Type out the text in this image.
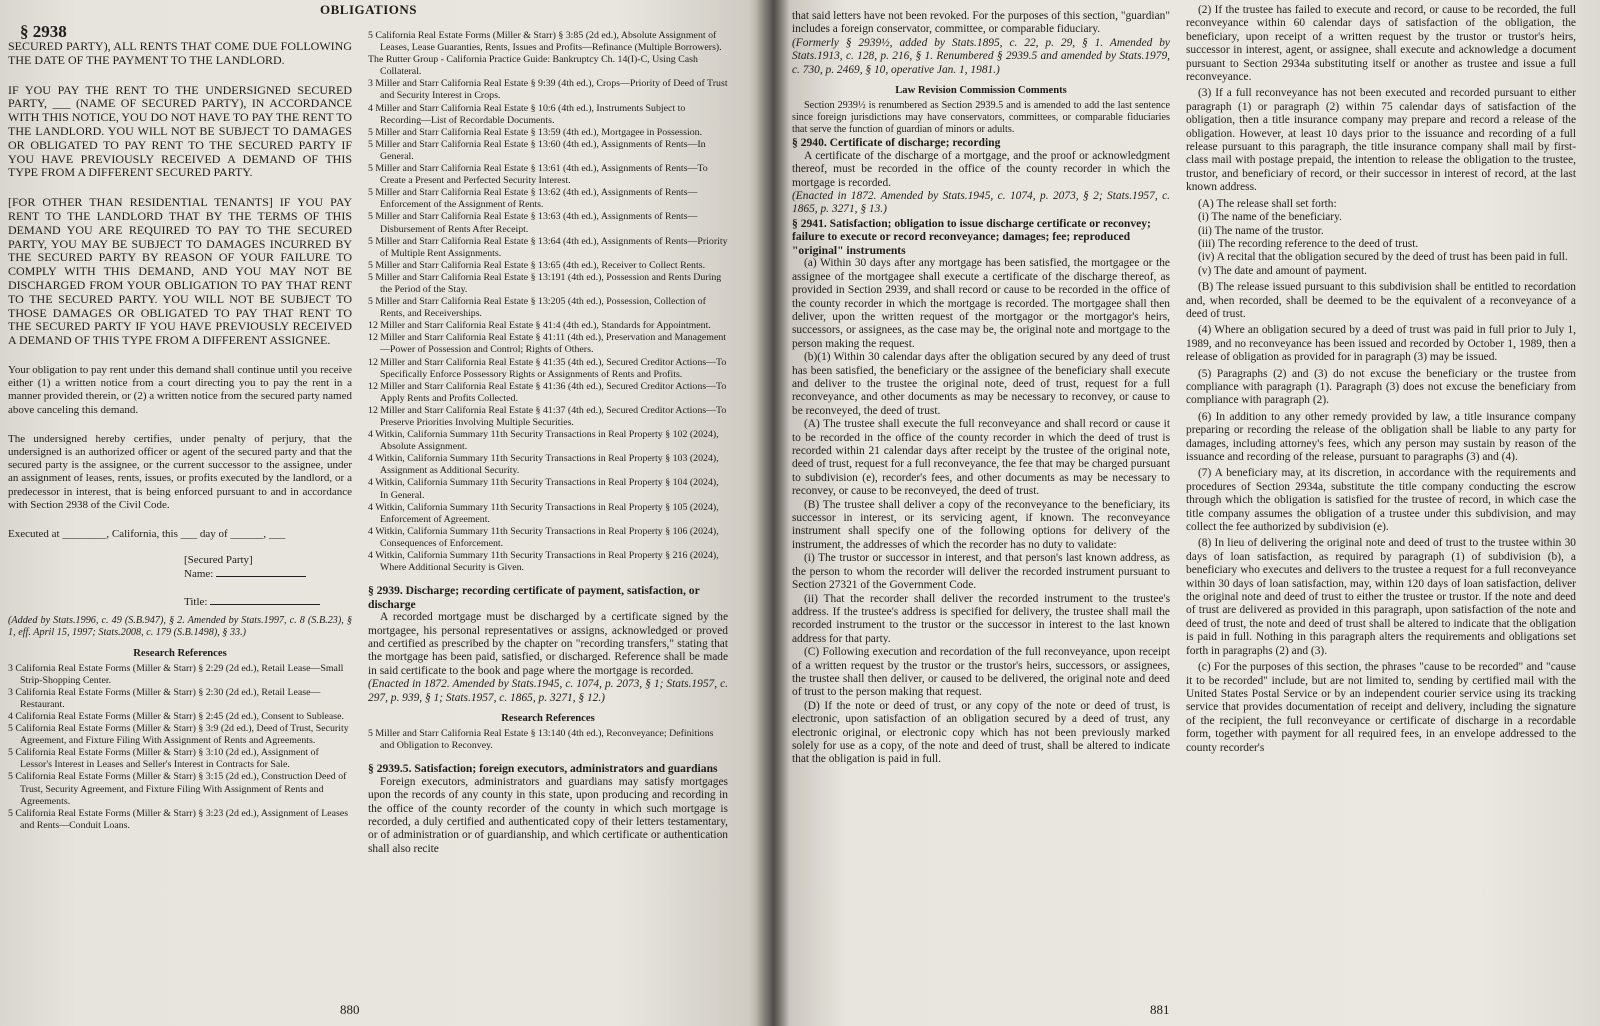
OBLIGATIONS
§ 2938

SECURED PARTY), ALL RENTS THAT COME DUE FOLLOWING THE DATE OF THE PAYMENT TO THE LANDLORD.

IF YOU PAY THE RENT TO THE UNDERSIGNED SECURED PARTY, ___ (NAME OF SECURED PARTY), IN ACCORDANCE WITH THIS NOTICE, YOU DO NOT HAVE TO PAY THE RENT TO THE LANDLORD. YOU WILL NOT BE SUBJECT TO DAMAGES OR OBLIGATED TO PAY RENT TO THE SECURED PARTY IF YOU HAVE PREVIOUSLY RECEIVED A DEMAND OF THIS TYPE FROM A DIFFERENT SECURED PARTY.

[FOR OTHER THAN RESIDENTIAL TENANTS] IF YOU PAY RENT TO THE LANDLORD THAT BY THE TERMS OF THIS DEMAND YOU ARE REQUIRED TO PAY TO THE SECURED PARTY, YOU MAY BE SUBJECT TO DAMAGES INCURRED BY THE SECURED PARTY BY REASON OF YOUR FAILURE TO COMPLY WITH THIS DEMAND, AND YOU MAY NOT BE DISCHARGED FROM YOUR OBLIGATION TO PAY THAT RENT TO THE SECURED PARTY. YOU WILL NOT BE SUBJECT TO THOSE DAMAGES OR OBLIGATED TO PAY THAT RENT TO THE SECURED PARTY IF YOU HAVE PREVIOUSLY RECEIVED A DEMAND OF THIS TYPE FROM A DIFFERENT ASSIGNEE.

Your obligation to pay rent under this demand shall continue until you receive either (1) a written notice from a court directing you to pay the rent in a manner provided therein, or (2) a written notice from the secured party named above canceling this demand.

The undersigned hereby certifies, under penalty of perjury, that the undersigned is an authorized officer or agent of the secured party and that the secured party is the assignee, or the current successor to the assignee, under an assignment of leases, rents, issues, or profits executed by the landlord, or a predecessor in interest, that is being enforced pursuant to and in accordance with Section 2938 of the Civil Code.

Executed at ________, California, this ___ day of ______, ___

[Secured Party]
Name:
Title:

(Added by Stats.1996, c. 49 (S.B.947), § 2. Amended by Stats.1997, c. 8 (S.B.23), § 1, eff. April 15, 1997; Stats.2008, c. 179 (S.B.1498), § 33.)

Research References

3 California Real Estate Forms (Miller & Starr) § 2:29 (2d ed.), Retail Lease—Small Strip-Shopping Center.

3 California Real Estate Forms (Miller & Starr) § 2:30 (2d ed.), Retail Lease—Restaurant.

4 California Real Estate Forms (Miller & Starr) § 2:45 (2d ed.), Consent to Sublease.

5 California Real Estate Forms (Miller & Starr) § 3:9 (2d ed.), Deed of Trust, Security Agreement, and Fixture Filing With Assignment of Rents and Agreements.

5 California Real Estate Forms (Miller & Starr) § 3:10 (2d ed.), Assignment of Lessor's Interest in Leases and Seller's Interest in Contracts for Sale.

5 California Real Estate Forms (Miller & Starr) § 3:15 (2d ed.), Construction Deed of Trust, Security Agreement, and Fixture Filing With Assignment of Rents and Agreements.

5 California Real Estate Forms (Miller & Starr) § 3:23 (2d ed.), Assignment of Leases and Rents—Conduit Loans.

5 California Real Estate Forms (Miller & Starr) § 3:85 (2d ed.), Absolute Assignment of Leases, Lease Guaranties, Rents, Issues and Profits—Refinance (Multiple Borrowers).

The Rutter Group - California Practice Guide: Bankruptcy Ch. 14(I)-C, Using Cash Collateral.

3 Miller and Starr California Real Estate § 9:39 (4th ed.), Crops—Priority of Deed of Trust and Security Interest in Crops.

4 Miller and Starr California Real Estate § 10:6 (4th ed.), Instruments Subject to Recording—List of Recordable Documents.

5 Miller and Starr California Real Estate § 13:59 (4th ed.), Mortgagee in Possession.

5 Miller and Starr California Real Estate § 13:60 (4th ed.), Assignments of Rents—In General.

5 Miller and Starr California Real Estate § 13:61 (4th ed.), Assignments of Rents—To Create a Present and Perfected Security Interest.

5 Miller and Starr California Real Estate § 13:62 (4th ed.), Assignments of Rents—Enforcement of the Assignment of Rents.

5 Miller and Starr California Real Estate § 13:63 (4th ed.), Assignments of Rents—Disbursement of Rents After Receipt.

5 Miller and Starr California Real Estate § 13:64 (4th ed.), Assignments of Rents—Priority of Multiple Rent Assignments.

5 Miller and Starr California Real Estate § 13:65 (4th ed.), Receiver to Collect Rents.

5 Miller and Starr California Real Estate § 13:191 (4th ed.), Possession and Rents During the Period of the Stay.

5 Miller and Starr California Real Estate § 13:205 (4th ed.), Possession, Collection of Rents, and Receiverships.

12 Miller and Starr California Real Estate § 41:4 (4th ed.), Standards for Appointment.

12 Miller and Starr California Real Estate § 41:11 (4th ed.), Preservation and Management—Power of Possession and Control; Rights of Others.

12 Miller and Starr California Real Estate § 41:35 (4th ed.), Secured Creditor Actions—To Specifically Enforce Possessory Rights or Assignments of Rents and Profits.

12 Miller and Starr California Real Estate § 41:36 (4th ed.), Secured Creditor Actions—To Apply Rents and Profits Collected.

12 Miller and Starr California Real Estate § 41:37 (4th ed.), Secured Creditor Actions—To Preserve Priorities Involving Multiple Securities.

4 Witkin, California Summary 11th Security Transactions in Real Property § 102 (2024), Absolute Assignment.

4 Witkin, California Summary 11th Security Transactions in Real Property § 103 (2024), Assignment as Additional Security.

4 Witkin, California Summary 11th Security Transactions in Real Property § 104 (2024), In General.

4 Witkin, California Summary 11th Security Transactions in Real Property § 105 (2024), Enforcement of Agreement.

4 Witkin, California Summary 11th Security Transactions in Real Property § 106 (2024), Consequences of Enforcement.

4 Witkin, California Summary 11th Security Transactions in Real Property § 216 (2024), Where Additional Security is Given.

§ 2939. Discharge; recording certificate of payment, satisfaction, or discharge

A recorded mortgage must be discharged by a certificate signed by the mortgagee, his personal representatives or assigns, acknowledged or proved and certified as prescribed by the chapter on "recording transfers," stating that the mortgage has been paid, satisfied, or discharged. Reference shall be made in said certificate to the book and page where the mortgage is recorded.

(Enacted in 1872. Amended by Stats.1945, c. 1074, p. 2073, § 1; Stats.1957, c. 297, p. 939, § 1; Stats.1957, c. 1865, p. 3271, § 12.)

Research References

5 Miller and Starr California Real Estate § 13:140 (4th ed.), Reconveyance; Definitions and Obligation to Reconvey.

§ 2939.5. Satisfaction; foreign executors, administrators and guardians

Foreign executors, administrators and guardians may satisfy mortgages upon the records of any county in this state, upon producing and recording in the office of the county recorder of the county in which such mortgage is recorded, a duly certified and authenticated copy of their letters testamentary, or of administration or of guardianship, and which certificate or authentication shall also recite

880

that said letters have not been revoked. For the purposes of this section, "guardian" includes a foreign conservator, committee, or comparable fiduciary.

(Formerly § 2939½, added by Stats.1895, c. 22, p. 29, § 1. Amended by Stats.1913, c. 128, p. 216, § 1. Renumbered § 2939.5 and amended by Stats.1979, c. 730, p. 2469, § 10, operative Jan. 1, 1981.)

Law Revision Commission Comments

Section 2939½ is renumbered as Section 2939.5 and is amended to add the last sentence since foreign jurisdictions may have conservators, committees, or comparable fiduciaries that serve the function of guardian of minors or adults.

§ 2940. Certificate of discharge; recording

A certificate of the discharge of a mortgage, and the proof or acknowledgment thereof, must be recorded in the office of the county recorder in which the mortgage is recorded.

(Enacted in 1872. Amended by Stats.1945, c. 1074, p. 2073, § 2; Stats.1957, c. 1865, p. 3271, § 13.)

§ 2941. Satisfaction; obligation to issue discharge certificate or reconvey; failure to execute or record reconveyance; damages; fee; reproduced "original" instruments

(a) Within 30 days after any mortgage has been satisfied, the mortgagee or the assignee of the mortgagee shall execute a certificate of the discharge thereof, as provided in Section 2939, and shall record or cause to be recorded in the office of the county recorder in which the mortgage is recorded. The mortgagee shall then deliver, upon the written request of the mortgagor or the mortgagor's heirs, successors, or assignees, as the case may be, the original note and mortgage to the person making the request.

(b)(1) Within 30 calendar days after the obligation secured by any deed of trust has been satisfied, the beneficiary or the assignee of the beneficiary shall execute and deliver to the trustee the original note, deed of trust, request for a full reconveyance, and other documents as may be necessary to reconvey, or cause to be reconveyed, the deed of trust.

(A) The trustee shall execute the full reconveyance and shall record or cause it to be recorded in the office of the county recorder in which the deed of trust is recorded within 21 calendar days after receipt by the trustee of the original note, deed of trust, request for a full reconveyance, the fee that may be charged pursuant to subdivision (e), recorder's fees, and other documents as may be necessary to reconvey, or cause to be reconveyed, the deed of trust.

(B) The trustee shall deliver a copy of the reconveyance to the beneficiary, its successor in interest, or its servicing agent, if known. The reconveyance instrument shall specify one of the following options for delivery of the instrument, the addresses of which the recorder has no duty to validate:

(i) The trustor or successor in interest, and that person's last known address, as the person to whom the recorder will deliver the recorded instrument pursuant to Section 27321 of the Government Code.

(ii) That the recorder shall deliver the recorded instrument to the trustee's address. If the trustee's address is specified for delivery, the trustee shall mail the recorded instrument to the trustor or the successor in interest to the last known address for that party.

(C) Following execution and recordation of the full reconveyance, upon receipt of a written request by the trustor or the trustor's heirs, successors, or assignees, the trustee shall then deliver, or caused to be delivered, the original note and deed of trust to the person making that request.

(D) If the note or deed of trust, or any copy of the note or deed of trust, is electronic, upon satisfaction of an obligation secured by a deed of trust, any electronic original, or electronic copy which has not been previously marked solely for use as a copy, of the note and deed of trust, shall be altered to indicate that the obligation is paid in full.

(2) If the trustee has failed to execute and record, or cause to be recorded, the full reconveyance within 60 calendar days of satisfaction of the obligation, the beneficiary, upon receipt of a written request by the trustor or trustor's heirs, successor in interest, agent, or assignee, shall execute and acknowledge a document pursuant to Section 2934a substituting itself or another as trustee and issue a full reconveyance.

(3) If a full reconveyance has not been executed and recorded pursuant to either paragraph (1) or paragraph (2) within 75 calendar days of satisfaction of the obligation, then a title insurance company may prepare and record a release of the obligation. However, at least 10 days prior to the issuance and recording of a full release pursuant to this paragraph, the title insurance company shall mail by first-class mail with postage prepaid, the intention to release the obligation to the trustee, trustor, and beneficiary of record, or their successor in interest of record, at the last known address.

(A) The release shall set forth:

(i) The name of the beneficiary.

(ii) The name of the trustor.

(iii) The recording reference to the deed of trust.

(iv) A recital that the obligation secured by the deed of trust has been paid in full.

(v) The date and amount of payment.

(B) The release issued pursuant to this subdivision shall be entitled to recordation and, when recorded, shall be deemed to be the equivalent of a reconveyance of a deed of trust.

(4) Where an obligation secured by a deed of trust was paid in full prior to July 1, 1989, and no reconveyance has been issued and recorded by October 1, 1989, then a release of obligation as provided for in paragraph (3) may be issued.

(5) Paragraphs (2) and (3) do not excuse the beneficiary or the trustee from compliance with paragraph (1). Paragraph (3) does not excuse the beneficiary from compliance with paragraph (2).

(6) In addition to any other remedy provided by law, a title insurance company preparing or recording the release of the obligation shall be liable to any party for damages, including attorney's fees, which any person may sustain by reason of the issuance and recording of the release, pursuant to paragraphs (3) and (4).

(7) A beneficiary may, at its discretion, in accordance with the requirements and procedures of Section 2934a, substitute the title company conducting the escrow through which the obligation is satisfied for the trustee of record, in which case the title company assumes the obligation of a trustee under this subdivision, and may collect the fee authorized by subdivision (e).

(8) In lieu of delivering the original note and deed of trust to the trustee within 30 days of loan satisfaction, as required by paragraph (1) of subdivision (b), a beneficiary who executes and delivers to the trustee a request for a full reconveyance within 30 days of loan satisfaction, may, within 120 days of loan satisfaction, deliver the original note and deed of trust to either the trustee or trustor. If the note and deed of trust are delivered as provided in this paragraph, upon satisfaction of the note and deed of trust, the note and deed of trust shall be altered to indicate that the obligation is paid in full. Nothing in this paragraph alters the requirements and obligations set forth in paragraphs (2) and (3).

(c) For the purposes of this section, the phrases "cause to be recorded" and "cause it to be recorded" include, but are not limited to, sending by certified mail with the United States Postal Service or by an independent courier service using its tracking service that provides documentation of receipt and delivery, including the signature of the recipient, the full reconveyance or certificate of discharge in a recordable form, together with payment for all required fees, in an envelope addressed to the county recorder's

881
